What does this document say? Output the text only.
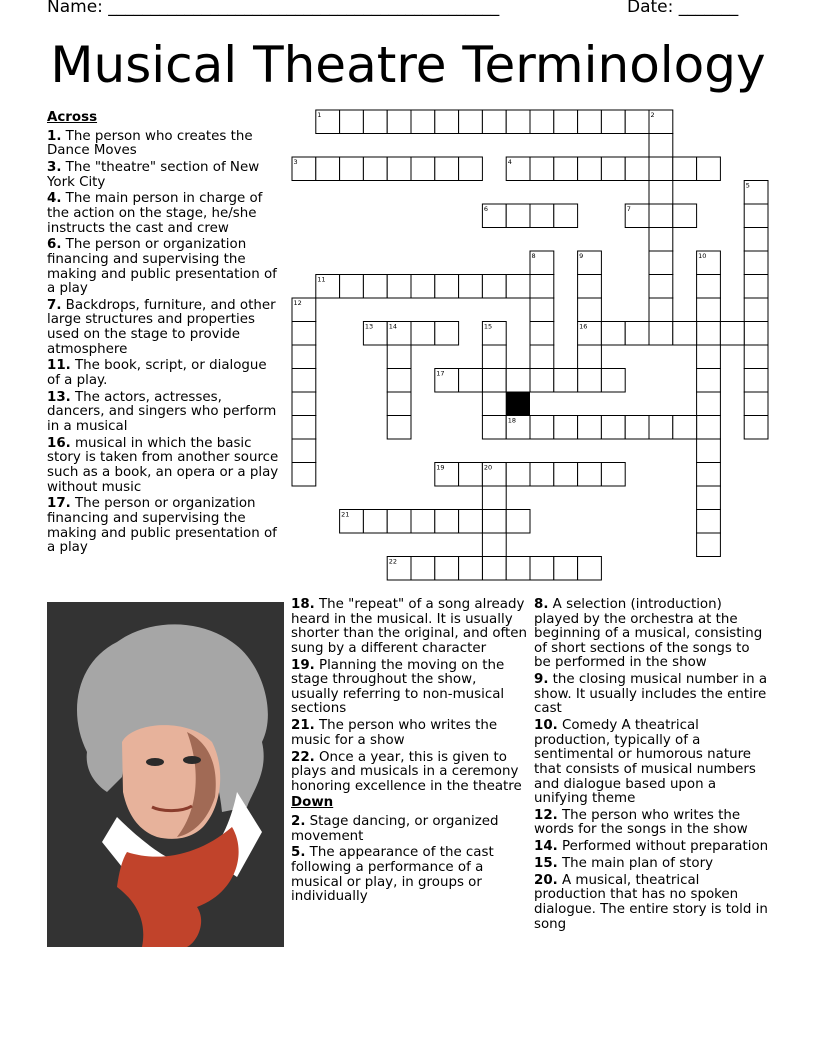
Name: ______________________________________________	Date: _______
Musical Theatre Terminology
Across
1. The person who creates the Dance Moves
3. The "theatre" section of New York City
4. The main person in charge of the action on the stage, he/she instructs the cast and crew
6. The person or organization financing and supervising the making and public presentation of a play
7. Backdrops, furniture, and other large structures and properties used on the stage to provide atmosphere
11. The book, script, or dialogue of a play.
13. The actors, actresses, dancers, and singers who perform in a musical
16. musical in which the basic story is taken from another source such as a book, an opera or a play without music
17. The person or organization financing and supervising the making and public presentation of a play
18. The "repeat" of a song already heard in the musical. It is usually shorter than the original, and often sung by a different character
19. Planning the moving on the stage throughout the show, usually referring to non-musical sections
21. The person who writes the music for a show
22. Once a year, this is given to plays and musicals in a ceremony honoring excellence in the theatre
Down
2. Stage dancing, or organized movement
5. The appearance of the cast following a performance of a musical or play, in groups or individually
8. A selection (introduction) played by the orchestra at the beginning of a musical, consisting of short sections of the songs to be performed in the show
9. the closing musical number in a show. It usually includes the entire cast
10. Comedy A theatrical production, typically of a sentimental or humorous nature that consists of musical numbers and dialogue based upon a unifying theme
12. The person who writes the words for the songs in the show
14. Performed without preparation
15. The main plan of story
20. A musical, theatrical production that has no spoken dialogue. The entire story is told in song
1	2
3	4
5
6	7
8	9	10
11
12
13 14	15	16
17
18
19	20
21
22
